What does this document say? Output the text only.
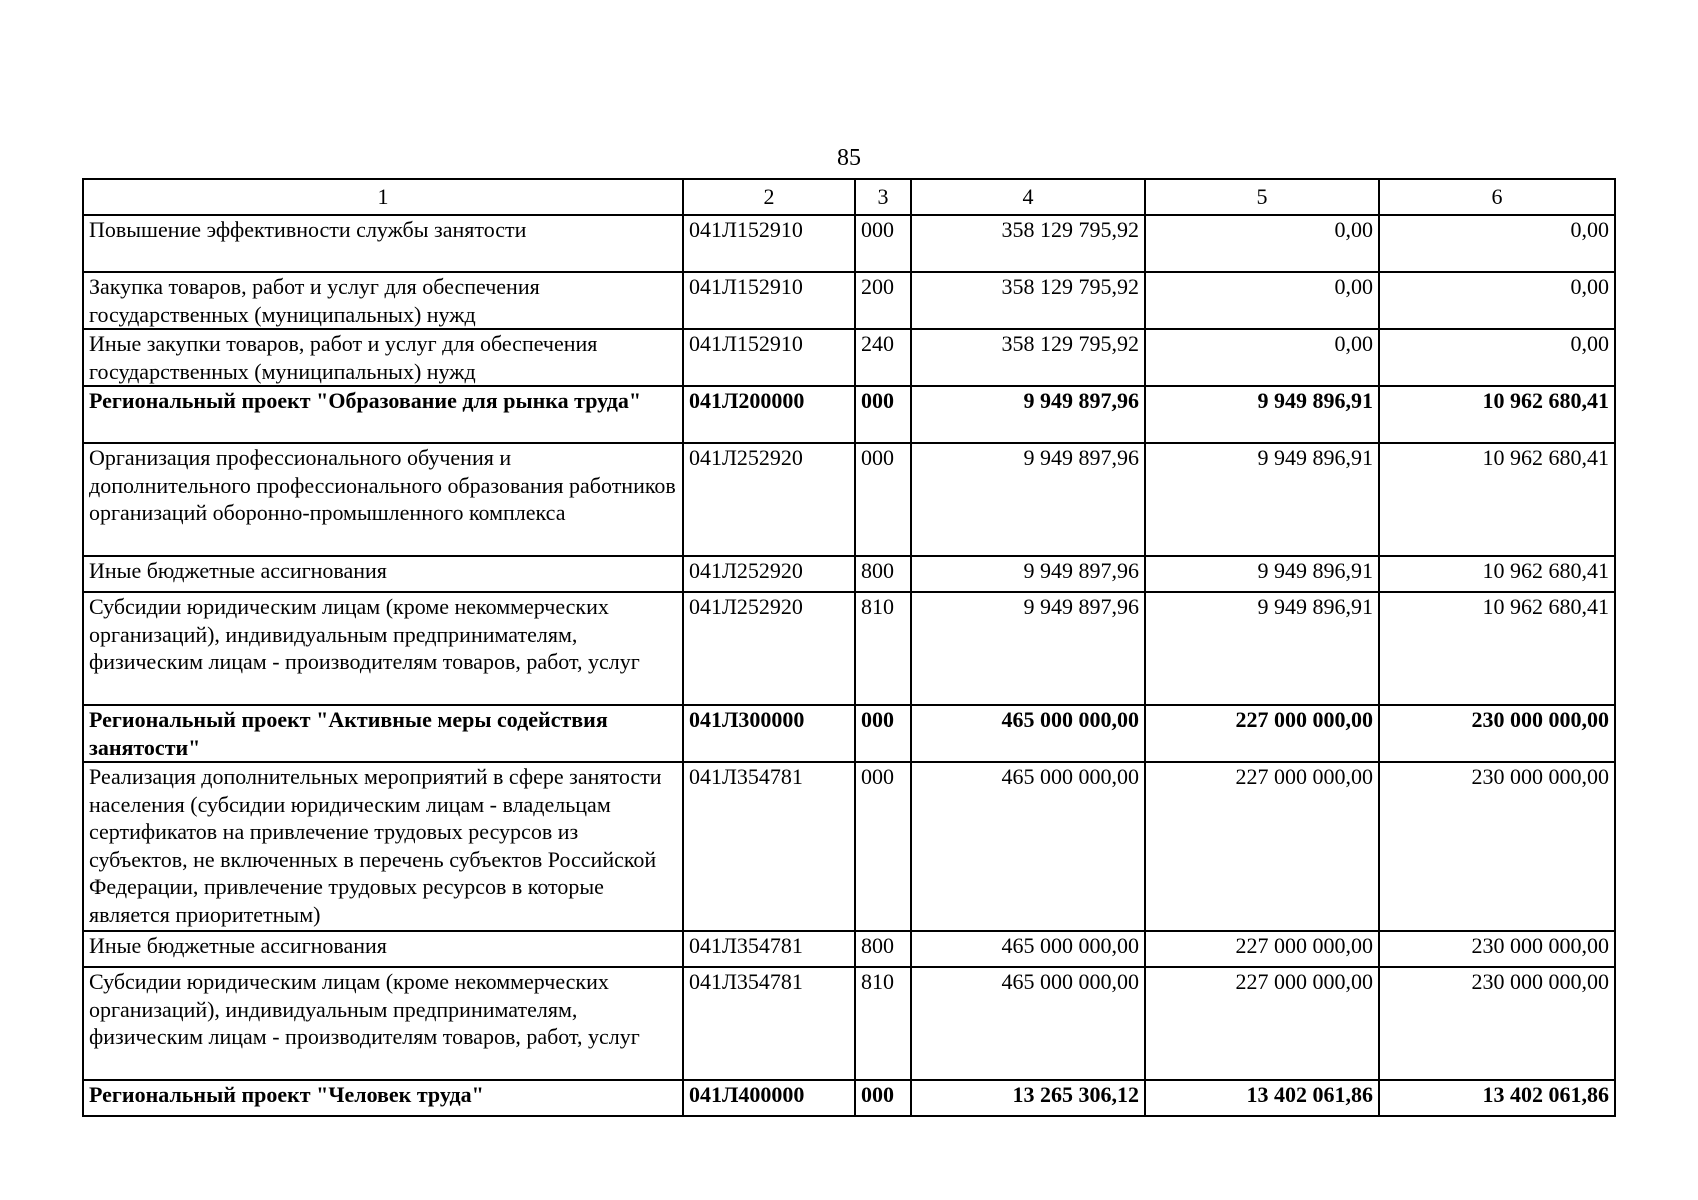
85
1	2	3	4	5	6
Повышение эффективности службы занятости	041Л152910	000	358 129 795,92	0,00	0,00
Закупка товаров, работ и услуг для обеспечения государственных (муниципальных) нужд	041Л152910	200	358 129 795,92	0,00	0,00
Иные закупки товаров, работ и услуг для обеспечения государственных (муниципальных) нужд	041Л152910	240	358 129 795,92	0,00	0,00
Региональный проект "Образование для рынка труда"	041Л200000	000	9 949 897,96	9 949 896,91	10 962 680,41
Организация профессионального обучения и дополнительного профессионального образования работников организаций оборонно-промышленного комплекса	041Л252920	000	9 949 897,96	9 949 896,91	10 962 680,41
Иные бюджетные ассигнования	041Л252920	800	9 949 897,96	9 949 896,91	10 962 680,41
Субсидии юридическим лицам (кроме некоммерческих организаций), индивидуальным предпринимателям, физическим лицам - производителям товаров, работ, услуг	041Л252920	810	9 949 897,96	9 949 896,91	10 962 680,41
Региональный проект "Активные меры содействия занятости"	041Л300000	000	465 000 000,00	227 000 000,00	230 000 000,00
Реализация дополнительных мероприятий в сфере занятости населения (субсидии юридическим лицам - владельцам сертификатов на привлечение трудовых ресурсов из субъектов, не включенных в перечень субъектов Российской Федерации, привлечение трудовых ресурсов в которые является приоритетным)	041Л354781	000	465 000 000,00	227 000 000,00	230 000 000,00
Иные бюджетные ассигнования	041Л354781	800	465 000 000,00	227 000 000,00	230 000 000,00
Субсидии юридическим лицам (кроме некоммерческих организаций), индивидуальным предпринимателям, физическим лицам - производителям товаров, работ, услуг	041Л354781	810	465 000 000,00	227 000 000,00	230 000 000,00
Региональный проект "Человек труда"	041Л400000	000	13 265 306,12	13 402 061,86	13 402 061,86
